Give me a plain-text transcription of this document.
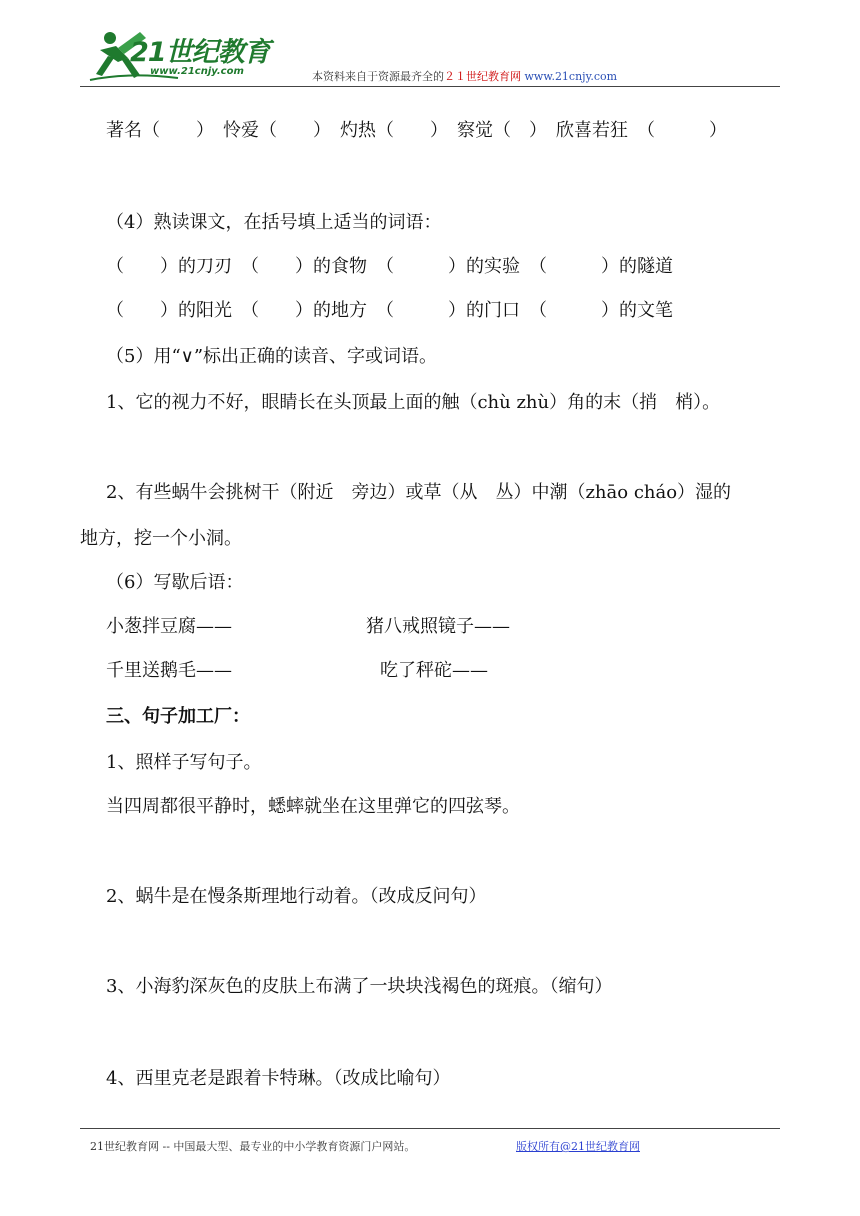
21世纪教育
www.21cnjy.com	本资料来自于资源最齐全的２１世纪教育网 www.21cnjy.com
著名（　　）　怜爱（　　）　灼热（　　）　察觉（　）　欣喜若狂　（　　　）
（4）熟读课文，在括号填上适当的词语：
（　　）的刀刃　（　　）的食物　（　　　）的实验　（　　　）的隧道
（　　）的阳光　（　　）的地方　（　　　）的门口　（　　　）的文笔
（5）用“∨”标出正确的读音、字或词语。
1、它的视力不好，眼睛长在头顶最上面的触（chù zhù）角的末（捎　梢）。
2、有些蜗牛会挑树干（附近　旁边）或草（从　丛）中潮（zhāo cháo）湿的
地方，挖一个小洞。
（6）写歇后语：
小葱拌豆腐——	猪八戒照镜子——
千里送鹅毛——	吃了秤砣——
三、句子加工厂：
1、照样子写句子。
当四周都很平静时，蟋蟀就坐在这里弹它的四弦琴。
2、蜗牛是在慢条斯理地行动着。（改成反问句）
3、小海豹深灰色的皮肤上布满了一块块浅褐色的斑痕。（缩句）
4、西里克老是跟着卡特琳。（改成比喻句）
21世纪教育网 -- 中国最大型、最专业的中小学教育资源门户网站。	版权所有@21世纪教育网
